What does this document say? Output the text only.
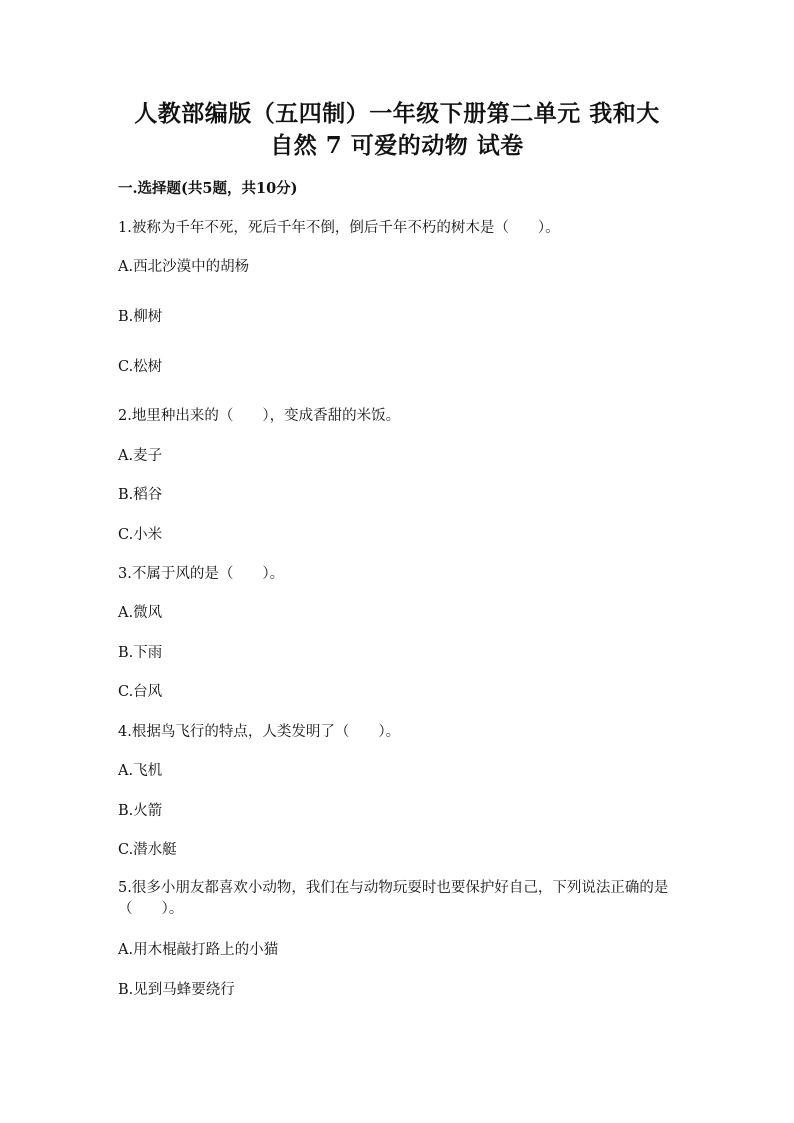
人教部编版（五四制）一年级下册第二单元 我和大
自然 7 可爱的动物 试卷
一.选择题(共5题，共10分)
1.被称为千年不死，死后千年不倒，倒后千年不朽的树木是（　　）。
A.西北沙漠中的胡杨
B.柳树
C.松树
2.地里种出来的（　　），变成香甜的米饭。
A.麦子
B.稻谷
C.小米
3.不属于风的是（　　）。
A.微风
B.下雨
C.台风
4.根据鸟飞行的特点，人类发明了（　　）。
A.飞机
B.火箭
C.潜水艇
5.很多小朋友都喜欢小动物，我们在与动物玩耍时也要保护好自己，下列说法正确的是（　　）。
A.用木棍敲打路上的小猫
B.见到马蜂要绕行
